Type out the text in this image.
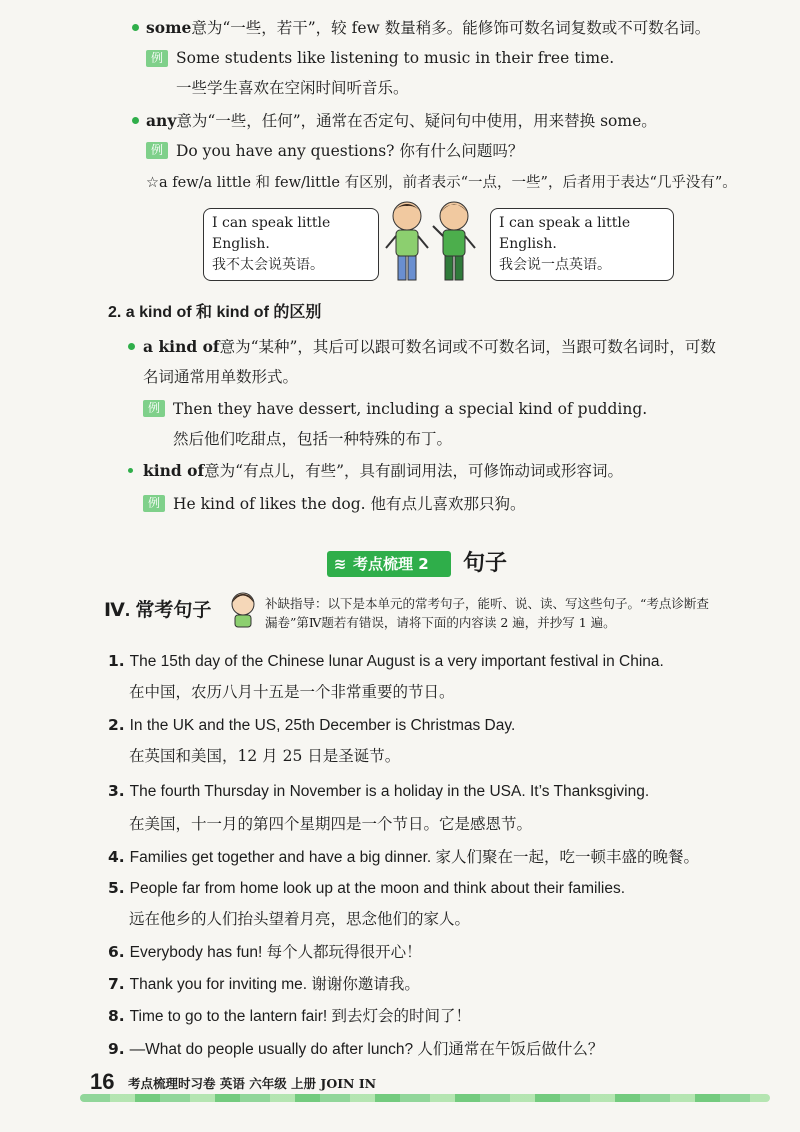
some意为“一些，若干”，较 few 数量稍多。能修饰可数名词复数或不可数名词。
例 Some students like listening to music in their free time.
一些学生喜欢在空闲时间听音乐。
any意为“一些，任何”，通常在否定句、疑问句中使用，用来替换 some。
例 Do you have any questions? 你有什么问题吗？
☆a few/a little 和 few/little 有区别，前者表示“一点，一些”，后者用于表达“几乎没有”。
I can speak little English.
我不太会说英语。
I can speak a little English.
我会说一点英语。
2. a kind of 和 kind of 的区别
a kind of意为“某种”，其后可以跟可数名词或不可数名词，当跟可数名词时，可数
名词通常用单数形式。
例 Then they have dessert, including a special kind of pudding.
然后他们吃甜点，包括一种特殊的布丁。
kind of意为“有点儿，有些”，具有副词用法，可修饰动词或形容词。
例 He kind of likes the dog. 他有点儿喜欢那只狗。
≋ 考点梳理 2	句子
Ⅳ. 常考句子	补缺指导：以下是本单元的常考句子，能听、说、读、写这些句子。“考点诊断查
漏卷”第Ⅳ题若有错误，请将下面的内容读 2 遍，并抄写 1 遍。
1. The 15th day of the Chinese lunar August is a very important festival in China.
在中国，农历八月十五是一个非常重要的节日。
2. In the UK and the US, 25th December is Christmas Day.
在英国和美国，12 月 25 日是圣诞节。
3. The fourth Thursday in November is a holiday in the USA. It’s Thanksgiving.
在美国，十一月的第四个星期四是一个节日。它是感恩节。
4. Families get together and have a big dinner. 家人们聚在一起，吃一顿丰盛的晚餐。
5. People far from home look up at the moon and think about their families.
远在他乡的人们抬头望着月亮，思念他们的家人。
6. Everybody has fun! 每个人都玩得很开心！
7. Thank you for inviting me. 谢谢你邀请我。
8. Time to go to the lantern fair! 到去灯会的时间了！
9. —What do people usually do after lunch? 人们通常在午饭后做什么？
16 考点梳理时习卷 英语 六年级 上册 JOIN IN
